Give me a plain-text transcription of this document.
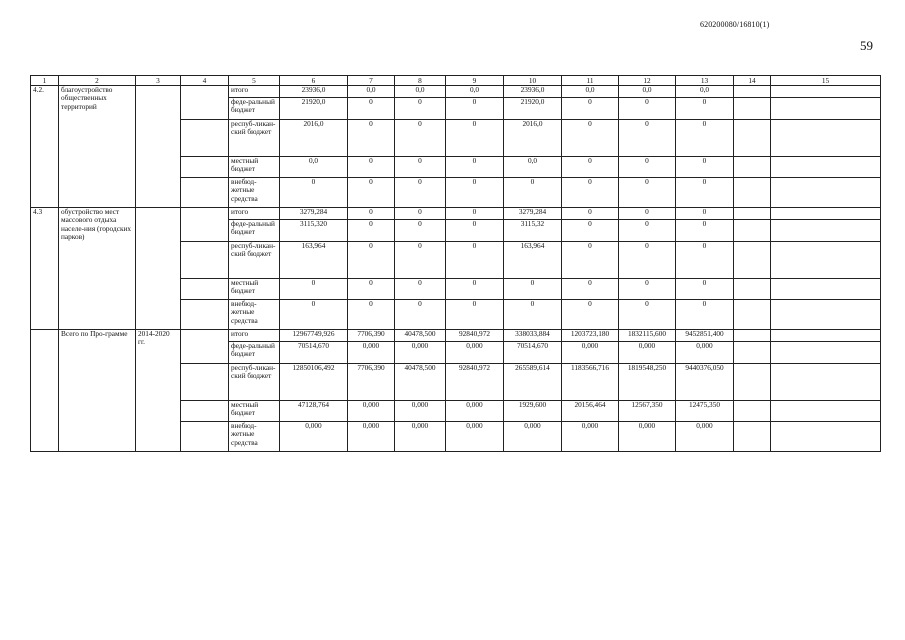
620200080/16810(1)
59
1	2	3	4	5	6	7	8	9	10	11	12	13	14	15
4.2.	благоустройство общественных территорий			итого	23936,0	0,0	0,0	0,0	23936,0	0,0	0,0	0,0		
				феде-ральный бюджет	21920,0	0	0	0	21920,0	0	0	0		
				респуб-ликан-ский бюджет	2016,0	0	0	0	2016,0	0	0	0		
				местный бюджет	0,0	0	0	0	0,0	0	0	0		
				внебюд-жетные средства	0	0	0	0	0	0	0	0		
4.3	обустройство мест массового отдыха населе-ния (городских парков)			итого	3279,284	0	0	0	3279,284	0	0	0		
				феде-ральный бюджет	3115,320	0	0	0	3115,32	0	0	0		
				респуб-ликан-ский бюджет	163,964	0	0	0	163,964	0	0	0		
				местный бюджет	0	0	0	0	0	0	0	0		
				внебюд-жетные средства	0	0	0	0	0	0	0	0		
	Всего по Про-грамме	2014-2020 гг.		итого	12967749,926	7706,390	40478,500	92840,972	338033,884	1203723,180	1832115,600	9452851,400		
				феде-ральный бюджет	70514,670	0,000	0,000	0,000	70514,670	0,000	0,000	0,000		
				респуб-ликан-ский бюджет	12850106,492	7706,390	40478,500	92840,972	265589,614	1183566,716	1819548,250	9440376,050		
				местный бюджет	47128,764	0,000	0,000	0,000	1929,600	20156,464	12567,350	12475,350		
				внебюд-жетные средства	0,000	0,000	0,000	0,000	0,000	0,000	0,000	0,000		
